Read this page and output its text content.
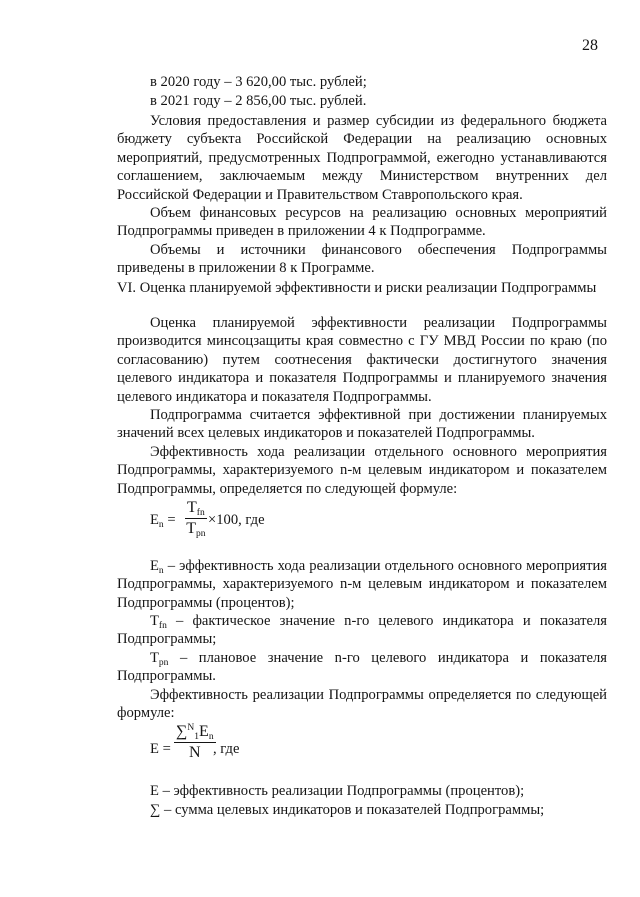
28
в 2020 году – 3 620,00 тыс. рублей;
в 2021 году – 2 856,00 тыс. рублей.
Условия предоставления и размер субсидии из федерального бюджета бюджету субъекта Российской Федерации на реализацию основных мероприятий, предусмотренных Подпрограммой, ежегодно устанавливаются соглашением, заключаемым между Министерством внутренних дел Российской Федерации и Правительством Ставропольского края.
Объем финансовых ресурсов на реализацию основных мероприятий Подпрограммы приведен в приложении 4 к Подпрограмме.
Объемы и источники финансового обеспечения Подпрограммы приведены в приложении 8 к Программе.
VI. Оценка планируемой эффективности и риски реализации Подпрограммы
Оценка планируемой эффективности реализации Подпрограммы производится минсоцзащиты края совместно с ГУ МВД России по краю (по согласованию) путем соотнесения фактически достигнутого значения целевого индикатора и показателя Подпрограммы и планируемого значения целевого индикатора и показателя Подпрограммы.
Подпрограмма считается эффективной при достижении планируемых значений всех целевых индикаторов и показателей Подпрограммы.
Эффективность хода реализации отдельного основного мероприятия Подпрограммы, характеризуемого n-м целевым индикатором и показателем Подпрограммы, определяется по следующей формуле:
$E_n$ =
$T_{fn}$
$T_{pn}$
×100, где
$E_n$ – эффективность хода реализации отдельного основного мероприятия Подпрограммы, характеризуемого n-м целевым индикатором и показателем Подпрограммы (процентов);
$T_{fn}$ – фактическое значение n-го целевого индикатора и показателя Подпрограммы;
$T_{pn}$ – плановое значение n-го целевого индикатора и показателя Подпрограммы.
Эффективность реализации Подпрограммы определяется по следующей формуле:
$E = \frac{\sum^N_1E_n}{N}$
, где
E – эффективность реализации Подпрограммы (процентов);
∑ – сумма целевых индикаторов и показателей Подпрограммы;
